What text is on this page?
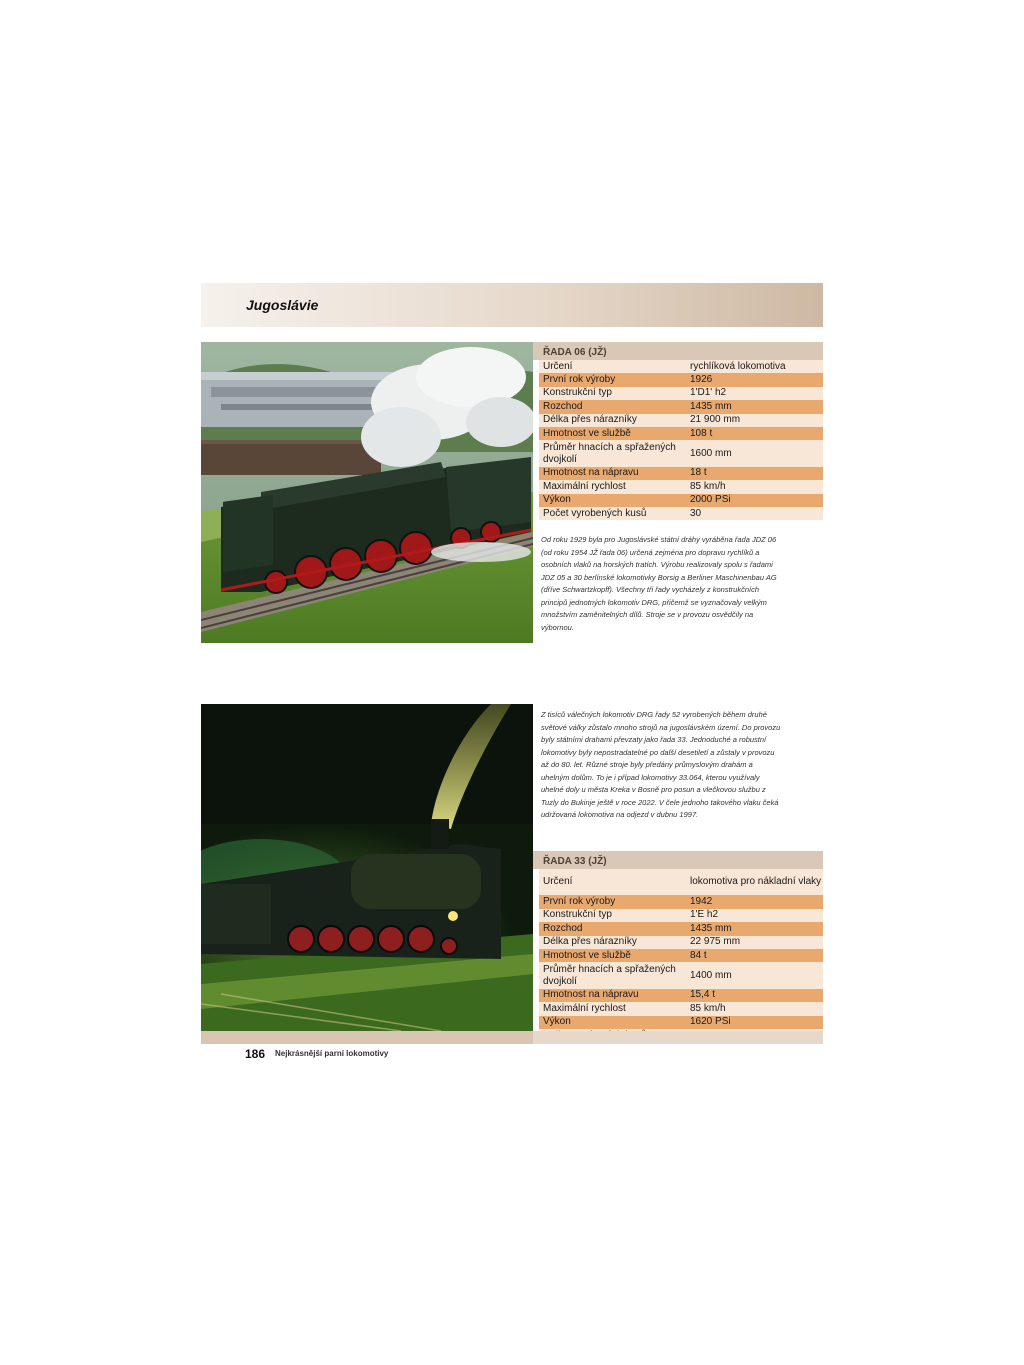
Jugoslávie
ŘADA 06 (JŽ)
Určení	rychlíková lokomotiva
První rok výroby	1926
Konstrukční typ	1'D1' h2
Rozchod	1435 mm
Délka přes nárazníky	21 900 mm
Hmotnost ve službě	108 t
Průměr hnacích a spřažených dvojkolí
1600 mm
Hmotnost na nápravu	18 t
Maximální rychlost	85 km/h
Výkon	2000 PSi
Počet vyrobených kusů	30
Od roku 1929 byla pro Jugoslávské státní dráhy vyráběna řada JDZ 06 (od roku 1954 JŽ řada 06) určená zejména pro dopravu rychlíků a osobních vlaků na horských tratích. Výrobu realizovaly spolu s řadami JDZ 05 a 30 berlínské lokomotivky Borsig a Berliner Maschinenbau AG (dříve Schwartzkopff). Všechny tři řady vycházely z konstrukčních principů jednotných lokomotiv DRG, přičemž se vyznačovaly velkým množstvím zaměnitelných dílů. Stroje se v provozu osvědčily na výbornou.
Z tisíců válečných lokomotiv DRG řady 52 vyrobených během druhé světové války zůstalo mnoho strojů na jugoslávském území. Do provozu byly státními drahami převzaty jako řada 33. Jednoduché a robustní lokomotivy byly nepostradatelné po další desetiletí a zůstaly v provozu až do 80. let. Různé stroje byly předány průmyslovým drahám a uhelným dolům. To je i případ lokomotivy 33.064, kterou využívaly uhelné doly u města Kreka v Bosně pro posun a vlečkovou službu z Tuzly do Bukinje ještě v roce 2022. V čele jednoho takového vlaku čeká udržovaná lokomotiva na odjezd v dubnu 1997.
ŘADA 33 (JŽ)
Určení	lokomotiva pro nákladní vlaky
První rok výroby	1942
Konstrukční typ	1'E h2
Rozchod	1435 mm
Délka přes nárazníky	22 975 mm
Hmotnost ve službě	84 t
Průměr hnacích a spřažených dvojkolí
1400 mm
Hmotnost na nápravu	15,4 t
Maximální rychlost	85 km/h
Výkon	1620 PSi
186 Nejkrásnější parní lokomotivy
